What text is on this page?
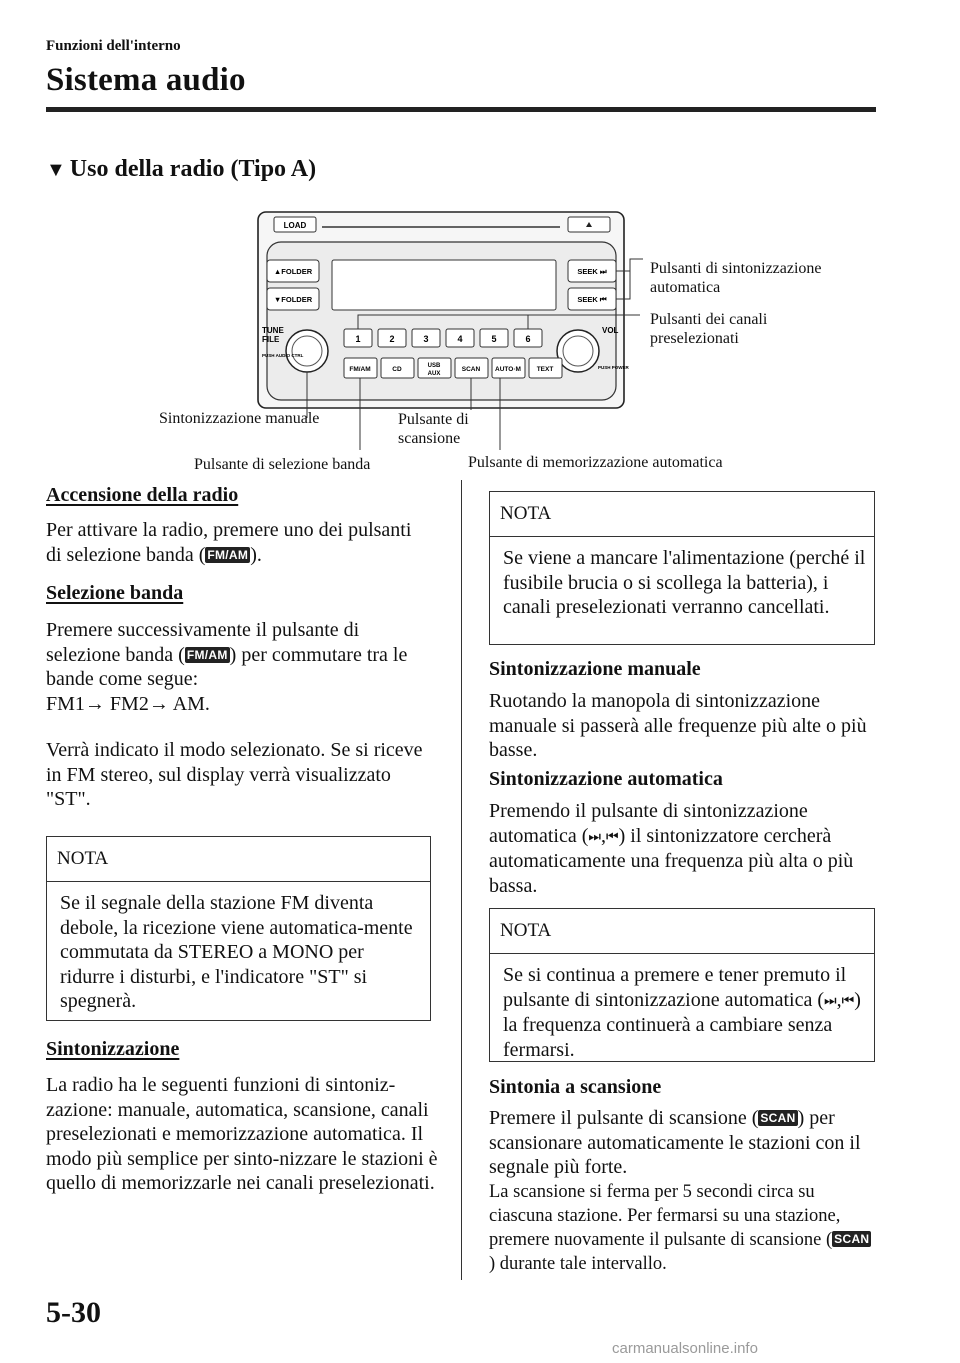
Funzioni dell'interno
Sistema audio
▼ Uso della radio (Tipo A)
LOAD
▲FOLDER
▼FOLDER
SEEK ⏭
SEEK ⏮
TUNE
FILE
PUSH AUDIO CTRL
VOL
PUSH POWER
1	2	3	4	5	6
FM/AM	CD	USB
AUX
SCAN AUTO·M TEXT
Pulsanti di sintonizzazione
automatica
Pulsanti dei canali
preselezionati
Sintonizzazione manuale	Pulsante di
scansione
Pulsante di selezione banda	Pulsante di memorizzazione automatica
Accensione della radio
Per attivare la radio, premere uno dei pulsanti di selezione banda ( FM/AM ).
Selezione banda
Premere successivamente il pulsante di selezione banda ( FM/AM ) per commutare tra le bande come segue:
FM1→ FM2→ AM.
Verrà indicato il modo selezionato. Se si riceve in FM stereo, sul display verrà visualizzato "ST".
NOTA
Se il segnale della stazione FM diventa debole, la ricezione viene automatica-mente commutata da STEREO a MONO per ridurre i disturbi, e l'indicatore "ST" si spegnerà.
Sintonizzazione
La radio ha le seguenti funzioni di sintoniz-zazione: manuale, automatica, scansione, canali preselezionati e memorizzazione automatica. Il modo più semplice per sinto-nizzare le stazioni è quello di memorizzarle nei canali preselezionati.
NOTA
Se viene a mancare l'alimentazione (perché il fusibile brucia o si scollega la batteria), i canali preselezionati verranno cancellati.
Sintonizzazione manuale
Ruotando la manopola di sintonizzazione manuale si passerà alle frequenze più alte o più basse.
Sintonizzazione automatica
Premendo il pulsante di sintonizzazione automatica (⏭,⏮) il sintonizzatore cercherà automaticamente una frequenza più alta o più bassa.
NOTA
Se si continua a premere e tener premuto il pulsante di sintonizzazione automatica (⏭,⏮) la frequenza continuerà a cambiare senza fermarsi.
Sintonia a scansione
Premere il pulsante di scansione ( SCAN ) per scansionare automaticamente le stazioni con il segnale più forte.
La scansione si ferma per 5 secondi circa su ciascuna stazione. Per fermarsi su una stazione, premere nuovamente il pulsante di scansione ( SCAN) durante tale intervallo.
5-30
carmanualsonline.info
